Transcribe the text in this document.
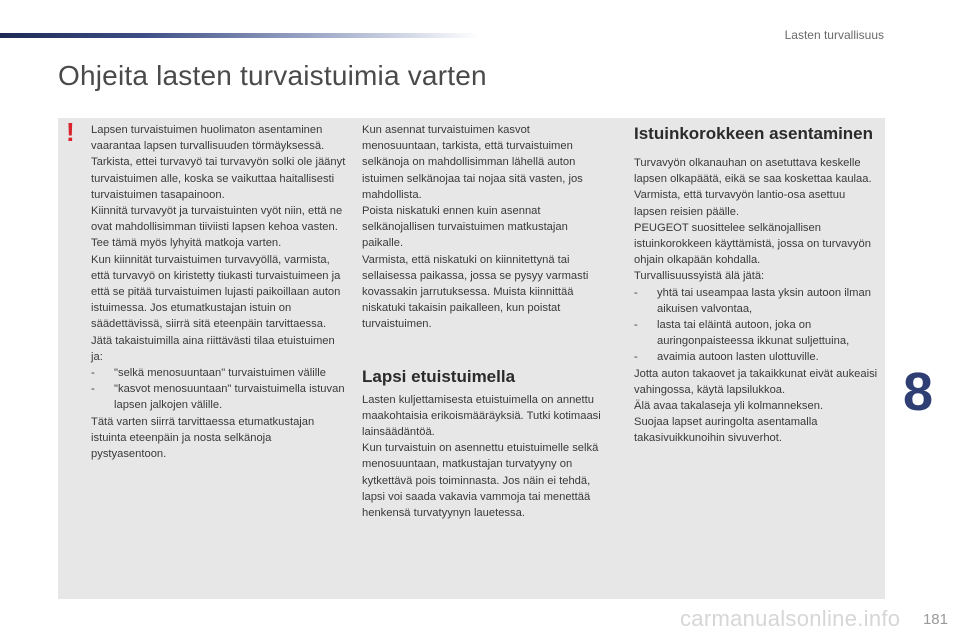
Lasten turvallisuus
Ohjeita lasten turvaistuimia varten
! Lapsen turvaistuimen huolimaton asentaminen vaarantaa lapsen turvallisuuden törmäyksessä.

Tarkista, ettei turvavyö tai turvavyön solki ole jäänyt turvaistuimen alle, koska se vaikuttaa haitallisesti turvaistuimen tasapainoon.

Kiinnitä turvavyöt ja turvaistuinten vyöt niin, että ne ovat mahdollisimman tiiviisti lapsen kehoa vasten. Tee tämä myös lyhyitä matkoja varten.

Kun kiinnität turvaistuimen turvavyöllä, varmista, että turvavyö on kiristetty tiukasti turvaistuimeen ja että se pitää turvaistuimen lujasti paikoillaan auton istuimessa. Jos etumatkustajan istuin on säädettävissä, siirrä sitä eteenpäin tarvittaessa.

Jätä takaistuimilla aina riittävästi tilaa etuistuimen ja:

- "selkä menosuuntaan" turvaistuimen välille
- "kasvot menosuuntaan" turvaistuimella istuvan lapsen jalkojen välille.

Tätä varten siirrä tarvittaessa etumatkustajan istuinta eteenpäin ja nosta selkänoja pystyasentoon.

Kun asennat turvaistuimen kasvot menosuuntaan, tarkista, että turvaistuimen selkänoja on mahdollisimman lähellä auton istuimen selkänojaa tai nojaa sitä vasten, jos mahdollista.

Poista niskatuki ennen kuin asennat selkänojallisen turvaistuimen matkustajan paikalle.

Varmista, että niskatuki on kiinnitettynä tai sellaisessa paikassa, jossa se pysyy varmasti kovassakin jarrutuksessa. Muista kiinnittää niskatuki takaisin paikalleen, kun poistat turvaistuimen.

Lapsi etuistuimella

Lasten kuljettamisesta etuistuimella on annettu maakohtaisia erikoismääräyksiä. Tutki kotimaasi lainsäädäntöä.

Kun turvaistuin on asennettu etuistuimelle selkä menosuuntaan, matkustajan turvatyyny on kytkettävä pois toiminnasta. Jos näin ei tehdä, lapsi voi saada vakavia vammoja tai menettää henkensä turvatyynyn lauetessa.

Istuinkorokkeen asentaminen

Turvavyön olkanauhan on asetuttava keskelle lapsen olkapäätä, eikä se saa koskettaa kaulaa.

Varmista, että turvavyön lantio-osa asettuu lapsen reisien päälle.

PEUGEOT suosittelee selkänojallisen istuinkorokkeen käyttämistä, jossa on turvavyön ohjain olkapään kohdalla.

Turvallisuussyistä älä jätä:

- yhtä tai useampaa lasta yksin autoon ilman aikuisen valvontaa,
- lasta tai eläintä autoon, joka on auringonpaisteessa ikkunat suljettuina,
- avaimia autoon lasten ulottuville.

Jotta auton takaovet ja takaikkunat eivät aukeaisi vahingossa, käytä lapsilukkoa.

Älä avaa takalaseja yli kolmanneksen.

Suojaa lapset auringolta asentamalla takasivuikkunoihin sivuverhot.

8
carmanualsonline.info 181
